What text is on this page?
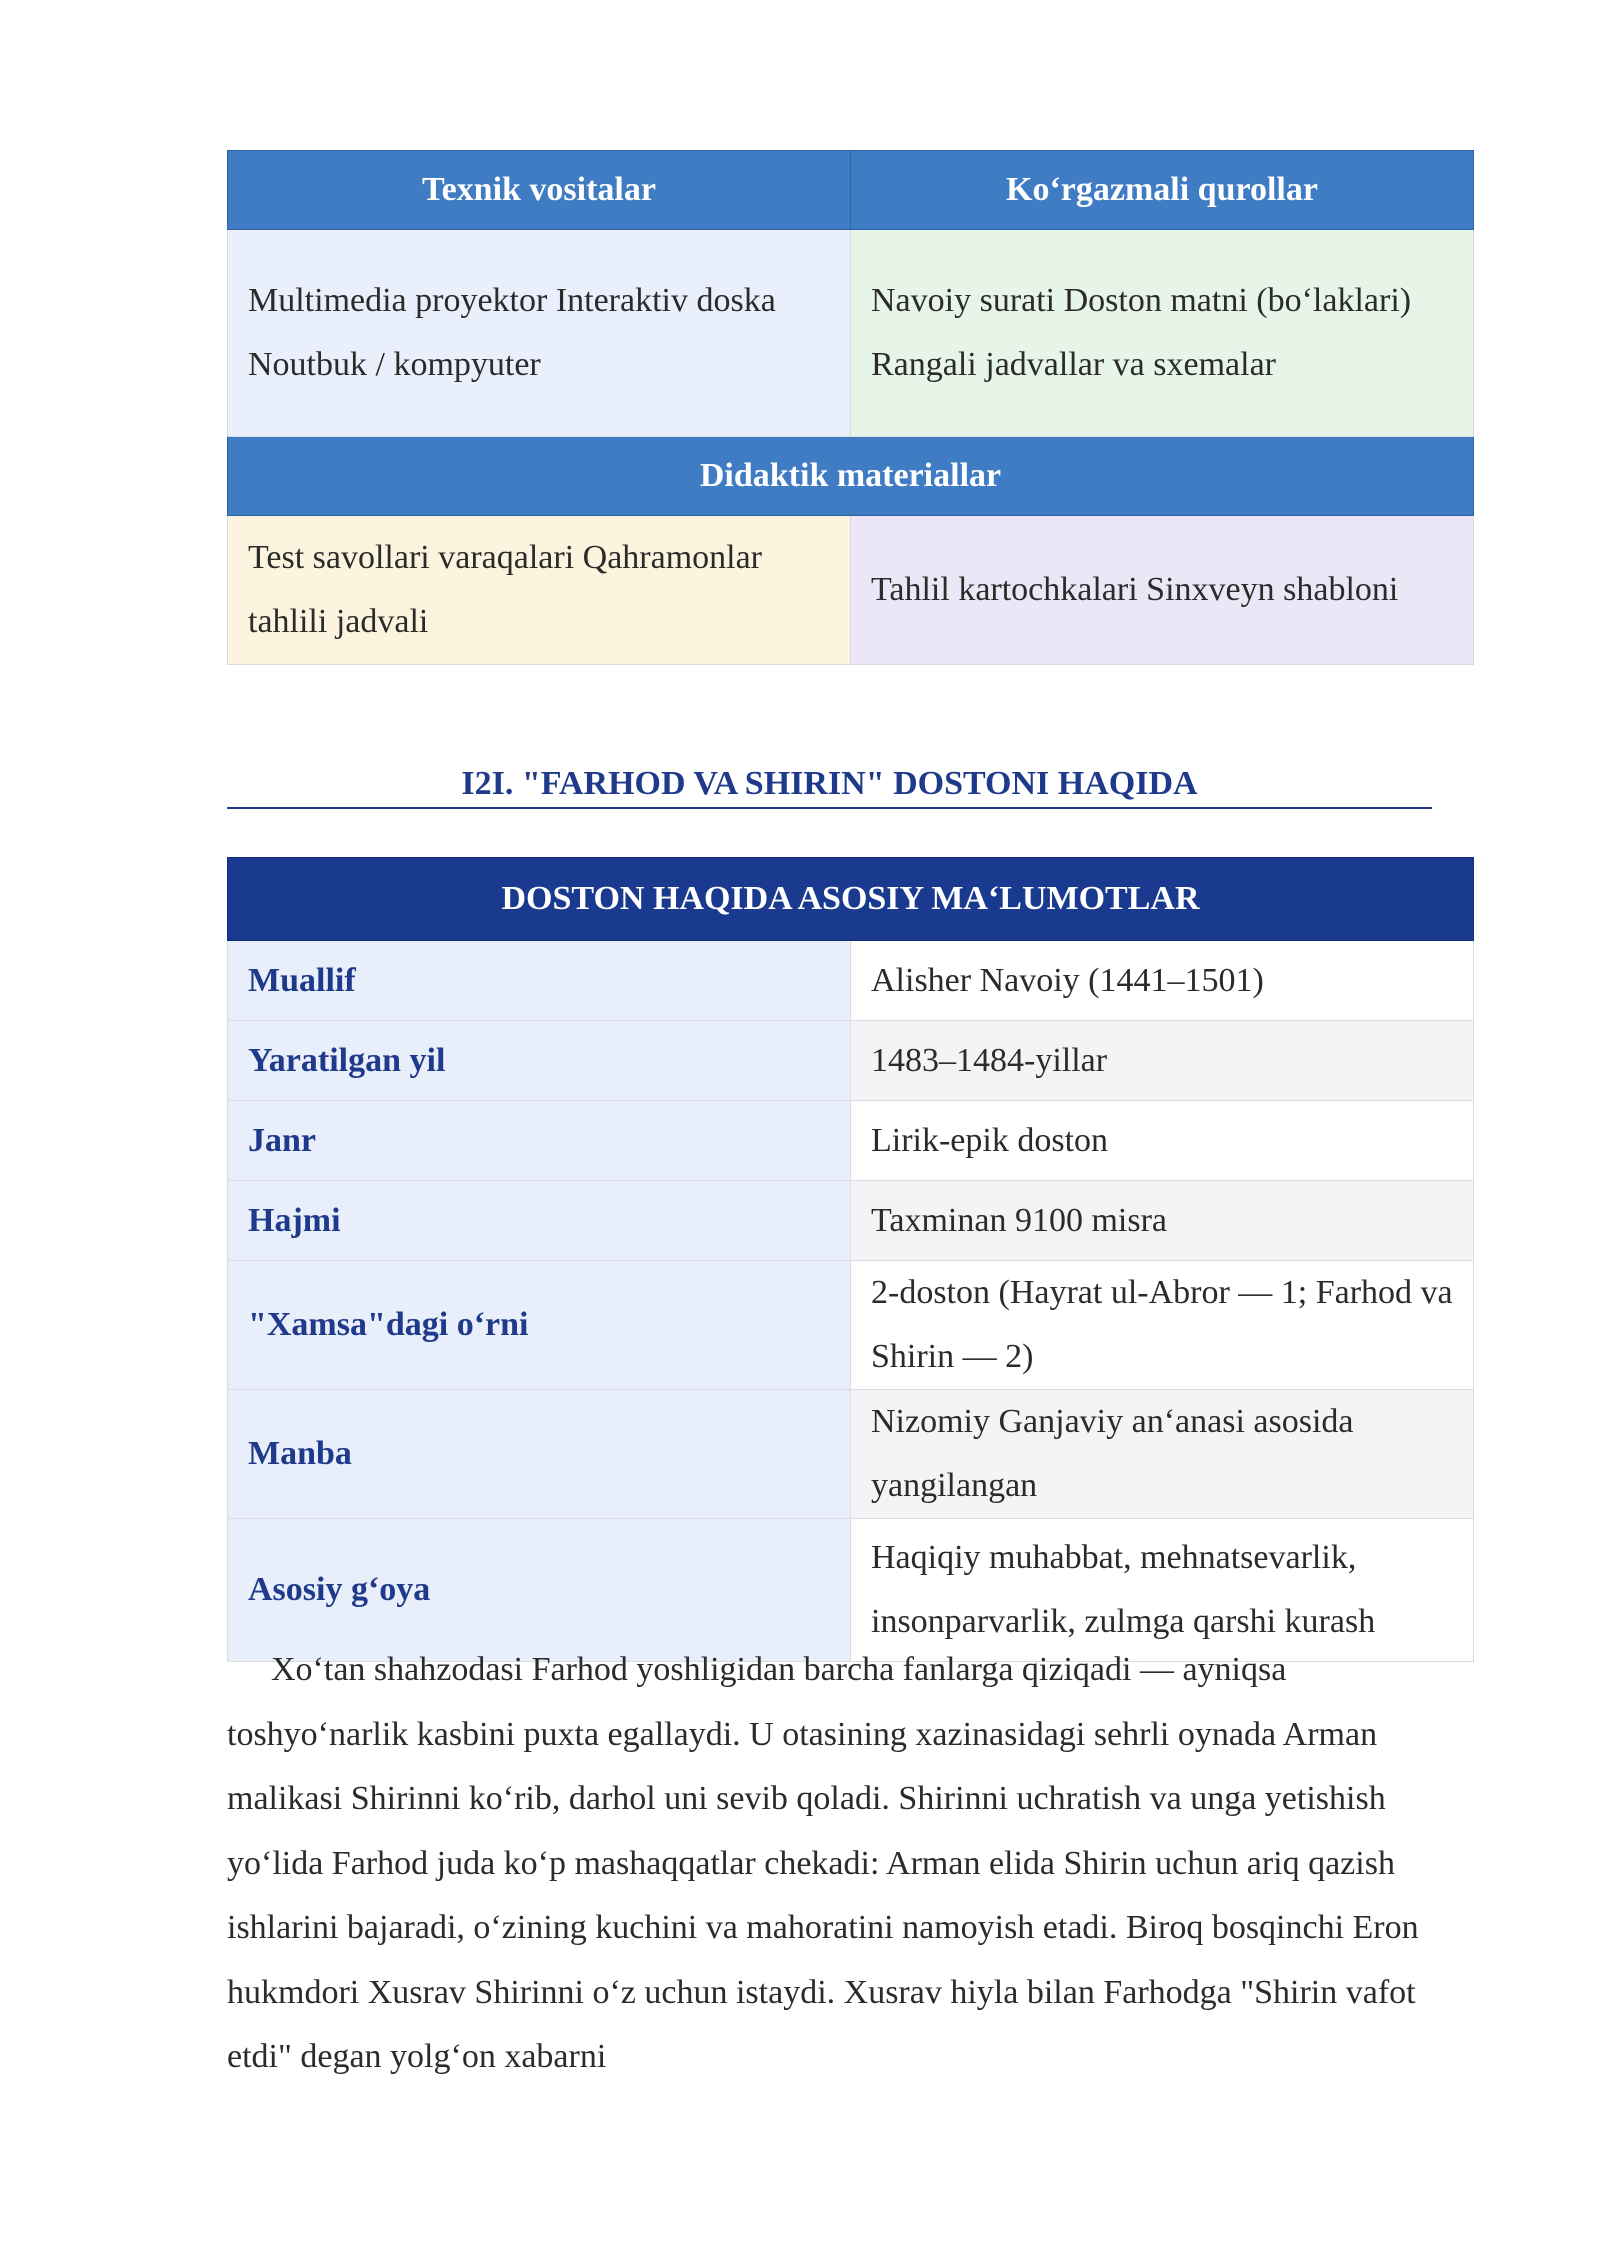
Texnik vositalar	Ko‘rgazmali qurollar
Multimedia proyektor Interaktiv doska Noutbuk / kompyuter	Navoiy surati Doston matni (bo‘laklari) Rangali jadvallar va sxemalar
Didaktik materiallar	
Test savollari varaqalari Qahramonlar tahlili jadvali	Tahlil kartochkalari Sinxveyn shabloni
I2I. "FARHOD VA SHIRIN" DOSTONI HAQIDA
DOSTON HAQIDA ASOSIY MA‘LUMOTLAR	
Muallif	Alisher Navoiy (1441–1501)
Yaratilgan yil	1483–1484-yillar
Janr	Lirik-epik doston
Hajmi	Taxminan 9100 misra
"Xamsa"dagi o‘rni	2-doston (Hayrat ul-Abror — 1; Farhod va Shirin — 2)
Manba	Nizomiy Ganjaviy an‘anasi asosida yangilangan
Asosiy g‘oya	Haqiqiy muhabbat, mehnatsevarlik, insonparvarlik, zulmga qarshi kurash

Xo‘tan shahzodasi Farhod yoshligidan barcha fanlarga qiziqadi — ayniqsa toshyo‘narlik kasbini puxta egallaydi. U otasining xazinasidagi sehrli oynada Arman malikasi Shirinni ko‘rib, darhol uni sevib qoladi. Shirinni uchratish va unga yetishish yo‘lida Farhod juda ko‘p mashaqqatlar chekadi: Arman elida Shirin uchun ariq qazish ishlarini bajaradi, o‘zining kuchini va mahoratini namoyish etadi. Biroq bosqinchi Eron hukmdori Xusrav Shirinni o‘z uchun istaydi. Xusrav hiyla bilan Farhodga "Shirin vafot etdi" degan yolg‘on xabarni
